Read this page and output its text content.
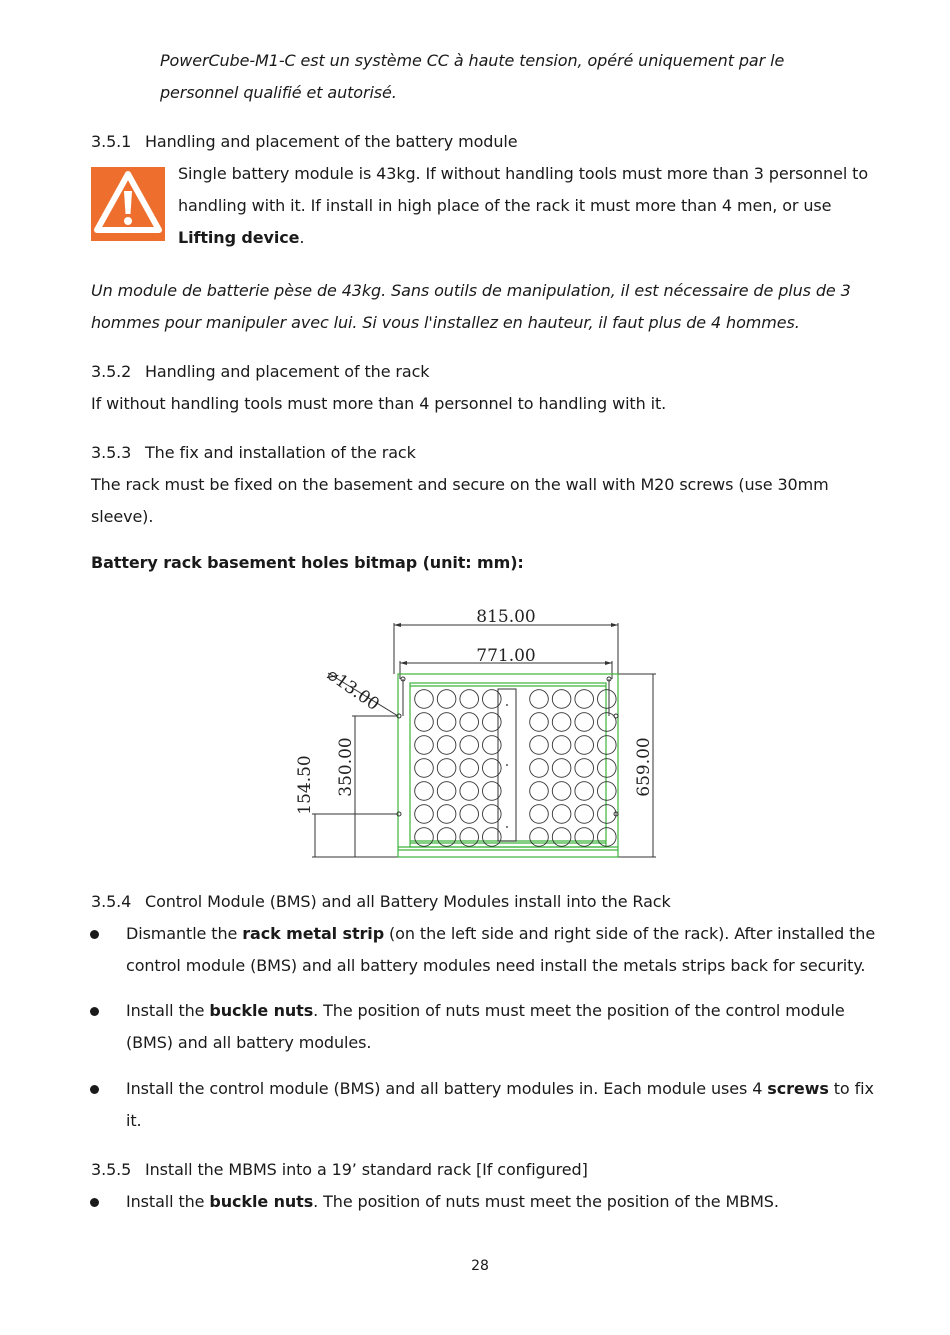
PowerCube-M1-C est un système CC à haute tension, opéré uniquement par le
personnel qualifié et autorisé.
3.5.1 Handling and placement of the battery module
Single battery module is 43kg. If without handling tools must more than 3 personnel to
handling with it. If install in high place of the rack it must more than 4 men, or use
Lifting device.
Un module de batterie pèse de 43kg. Sans outils de manipulation, il est nécessaire de plus de 3
hommes pour manipuler avec lui. Si vous l'installez en hauteur, il faut plus de 4 hommes.
3.5.2 Handling and placement of the rack
If without handling tools must more than 4 personnel to handling with it.
3.5.3 The fix and installation of the rack
The rack must be fixed on the basement and secure on the wall with M20 screws (use 30mm
sleeve).
Battery rack basement holes bitmap (unit: mm):
815.00
771.00
⌀13.00
350.00
154.50	659.00
3.5.4 Control Module (BMS) and all Battery Modules install into the Rack
Dismantle the rack metal strip (on the left side and right side of the rack). After installed the
control module (BMS) and all battery modules need install the metals strips back for security.
Install the buckle nuts. The position of nuts must meet the position of the control module
(BMS) and all battery modules.
Install the control module (BMS) and all battery modules in. Each module uses 4 screws to fix
it.
3.5.5 Install the MBMS into a 19’ standard rack [If configured]
Install the buckle nuts. The position of nuts must meet the position of the MBMS.
28
